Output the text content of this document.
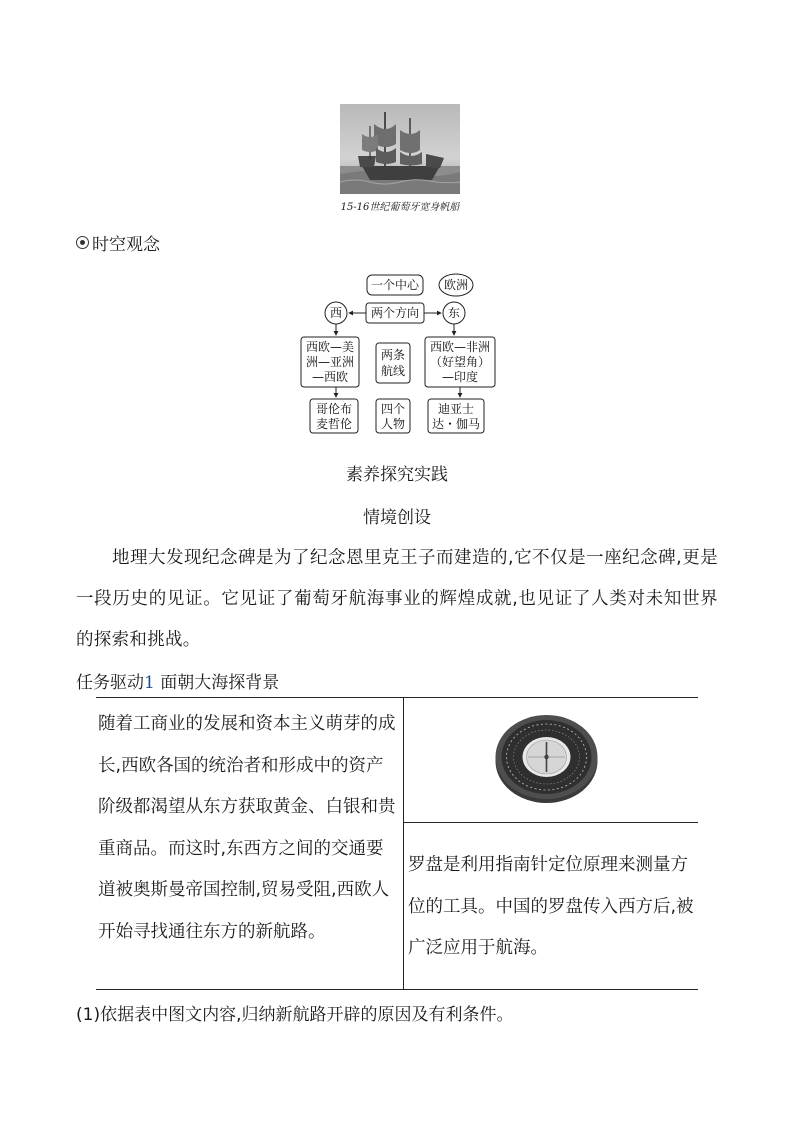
15-16世纪葡萄牙宽身帆船
时空观念
一个中心 欧洲
两个方向
西	东
西欧—美
洲—亚洲
—西欧
两条
航线
西欧—非洲
（好望角）
—印度
哥伦布
麦哲伦
四个
人物
迪亚士
达・伽马
素养探究实践
情境创设
地理大发现纪念碑是为了纪念恩里克王子而建造的,它不仅是一座纪念碑,更是一段历史的见证。它见证了葡萄牙航海事业的辉煌成就,也见证了人类对未知世界的探索和挑战。
任务驱动1 面朝大海探背景
随着工商业的发展和资本主义萌芽的成长,西欧各国的统治者和形成中的资产阶级都渴望从东方获取黄金、白银和贵重商品。而这时,东西方之间的交通要道被奥斯曼帝国控制,贸易受阻,西欧人开始寻找通往东方的新航路。
罗盘是利用指南针定位原理来测量方位的工具。中国的罗盘传入西方后,被广泛应用于航海。
(1)依据表中图文内容,归纳新航路开辟的原因及有利条件。
